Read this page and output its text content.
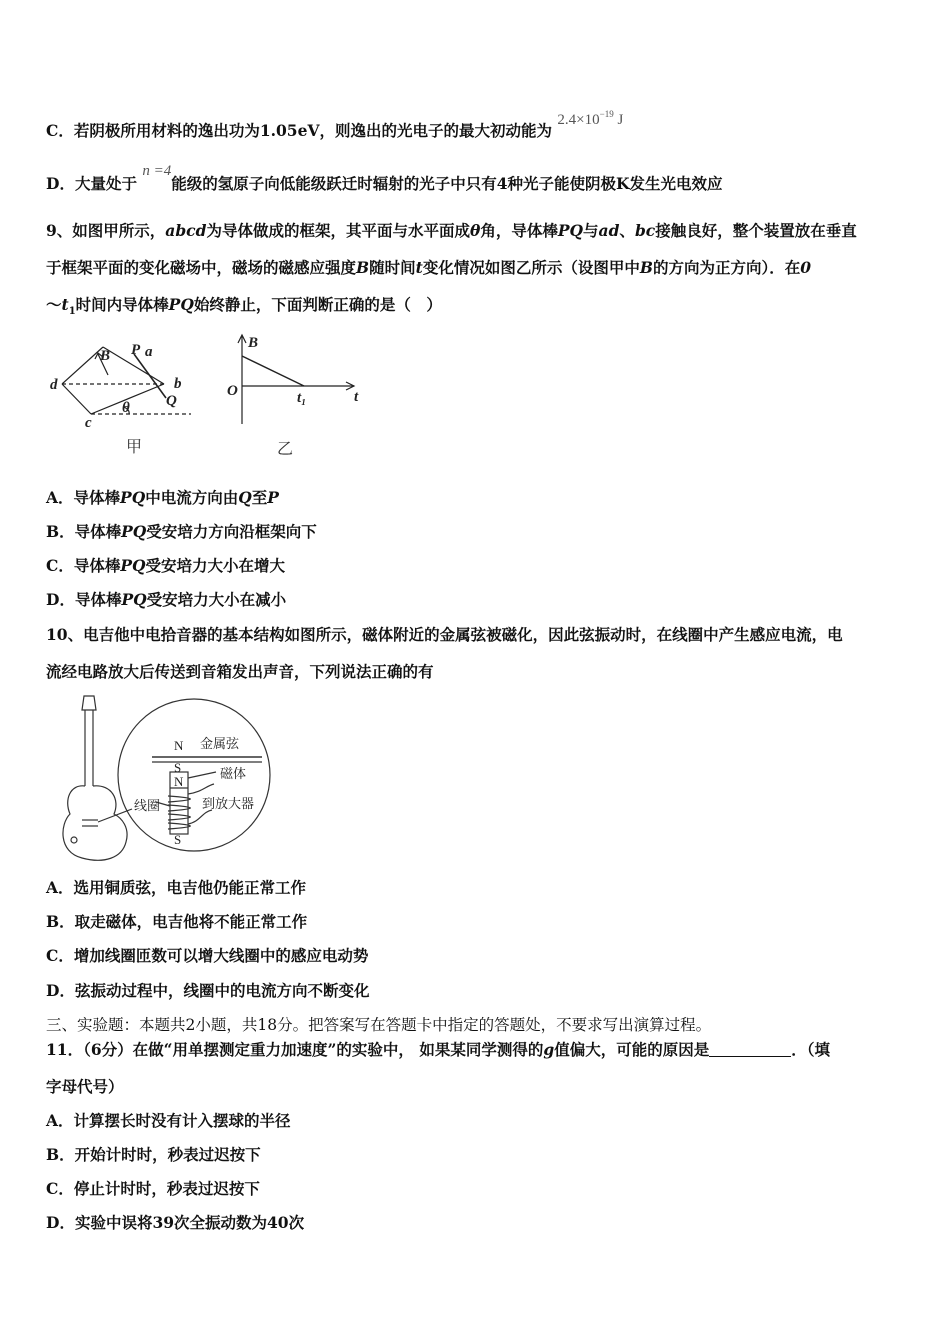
C．若阴极所用材料的逸出功为1.05eV，则逸出的光电子的最大初动能为 $2.4\times 10^{-19}$ J
D．大量处于 n =4能级的氢原子向低能级跃迁时辐射的光子中只有4种光子能使阴极K发生光电效应
9、如图甲所示，abcd为导体做成的框架，其平面与水平面成θ角，导体棒PQ与ad、bc接触良好，整个装置放在垂直
于框架平面的变化磁场中，磁场的磁感应强度B随时间t变化情况如图乙所示（设图甲中B的方向为正方向）．在0
$\sim t_1$时间内导体棒PQ始终静止，下面判断正确的是（　）
B P a
d	b
Q
θ
c
甲
B
O	t₁	t
乙
A．导体棒PQ中电流方向由Q至P
B．导体棒PQ受安培力方向沿框架向下
C．导体棒PQ受安培力大小在增大
D．导体棒PQ受安培力大小在减小
10、电吉他中电拾音器的基本结构如图所示，磁体附近的金属弦被磁化，因此弦振动时，在线圈中产生感应电流，电
流经电路放大后传送到音箱发出声音，下列说法正确的有
N
S
N
S
金属弦
磁体
线圈	到放大器
A．选用铜质弦，电吉他仍能正常工作
B．取走磁体，电吉他将不能正常工作
C．增加线圈匝数可以增大线圈中的感应电动势
D．弦振动过程中，线圈中的电流方向不断变化
三、实验题：本题共2小题，共18分。把答案写在答题卡中指定的答题处，不要求写出演算过程。
11．（6分）在做“用单摆测定重力加速度”的实验中， 如果某同学测得的g值偏大，可能的原因是	．（填
字母代号）
A．计算摆长时没有计入摆球的半径
B．开始计时时，秒表过迟按下
C．停止计时时，秒表过迟按下
D．实验中误将39次全振动数为40次
